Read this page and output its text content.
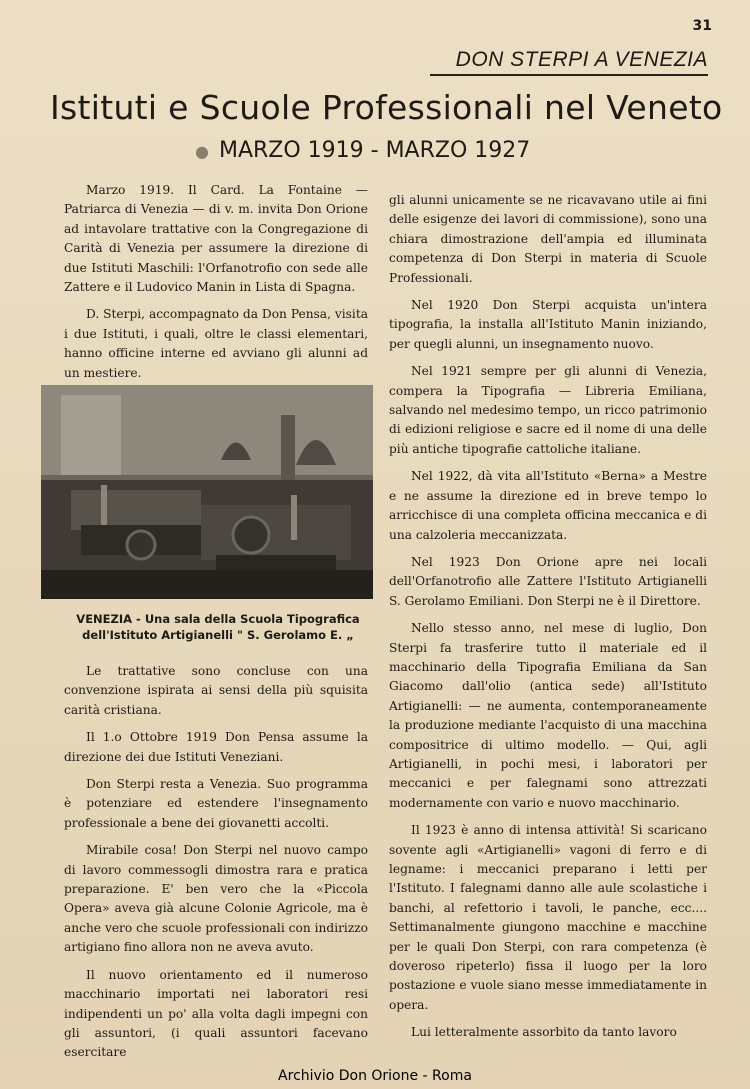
31
DON STERPI A VENEZIA
Istituti e Scuole Professionali nel Veneto
● MARZO 1919 - MARZO 1927

Marzo 1919. Il Card. La Fontaine — Patriarca di Venezia — di v. m. invita Don Orione ad intavolare trattative con la Congregazione di Carità di Venezia per assumere la direzione di due Istituti Maschili: l'Orfanotrofio con sede alle Zattere e il Ludovico Manin in Lista di Spagna.

D. Sterpi, accompagnato da Don Pensa, visita i due Istituti, i quali, oltre le classi elementari, hanno officine interne ed avviano gli alunni ad un mestiere.

VENEZIA - Una sala della Scuola Tipografica dell'Istituto Artigianelli " S. Gerolamo E. „

Le trattative sono concluse con una convenzione ispirata ai sensi della più squisita carità cristiana.

Il 1.o Ottobre 1919 Don Pensa assume la direzione dei due Istituti Veneziani.

Don Sterpi resta a Venezia. Suo programma è potenziare ed estendere l'insegnamento professionale a bene dei giovanetti accolti.

Mirabile cosa! Don Sterpi nel nuovo campo di lavoro commessogli dimostra rara e pratica preparazione. E' ben vero che la «Piccola Opera» aveva già alcune Colonie Agricole, ma è anche vero che scuole professionali con indirizzo artigiano fino allora non ne aveva avuto.

Il nuovo orientamento ed il numeroso macchinario importati nei laboratori resi indipendenti un po' alla volta dagli impegni con gli assuntori, (i quali assuntori facevano esercitare

gli alunni unicamente se ne ricavavano utile ai fini delle esigenze dei lavori di commissione), sono una chiara dimostrazione dell'ampia ed illuminata competenza di Don Sterpi in materia di Scuole Professionali.

Nel 1920 Don Sterpi acquista un'intera tipografia, la installa all'Istituto Manin iniziando, per quegli alunni, un insegnamento nuovo.

Nel 1921 sempre per gli alunni di Venezia, compera la Tipografia — Libreria Emiliana, salvando nel medesimo tempo, un ricco patrimonio di edizioni religiose e sacre ed il nome di una delle più antiche tipografie cattoliche italiane.

Nel 1922, dà vita all'Istituto «Berna» a Mestre e ne assume la direzione ed in breve tempo lo arricchisce di una completa officina meccanica e di una calzoleria meccanizzata.

Nel 1923 Don Orione apre nei locali dell'Orfanotrofio alle Zattere l'Istituto Artigianelli S. Gerolamo Emiliani. Don Sterpi ne è il Direttore.

Nello stesso anno, nel mese di luglio, Don Sterpi fa trasferire tutto il materiale ed il macchinario della Tipografia Emiliana da San Giacomo dall'olio (antica sede) all'Istituto Artigianelli: — ne aumenta, contemporaneamente la produzione mediante l'acquisto di una macchina compositrice di ultimo modello. — Qui, agli Artigianelli, in pochi mesi, i laboratori per meccanici e per falegnami sono attrezzati modernamente con vario e nuovo macchinario.

Il 1923 è anno di intensa attività! Si scaricano sovente agli «Artigianelli» vagoni di ferro e di legname: i meccanici preparano i letti per l'Istituto. I falegnami danno alle aule scolastiche i banchi, al refettorio i tavoli, le panche, ecc.... Settimanalmente giungono macchine e macchine per le quali Don Sterpi, con rara competenza (è doveroso ripeterlo) fissa il luogo per la loro postazione e vuole siano messe immediatamente in opera.

Lui letteralmente assorbito da tanto lavoro

Archivio Don Orione - Roma
